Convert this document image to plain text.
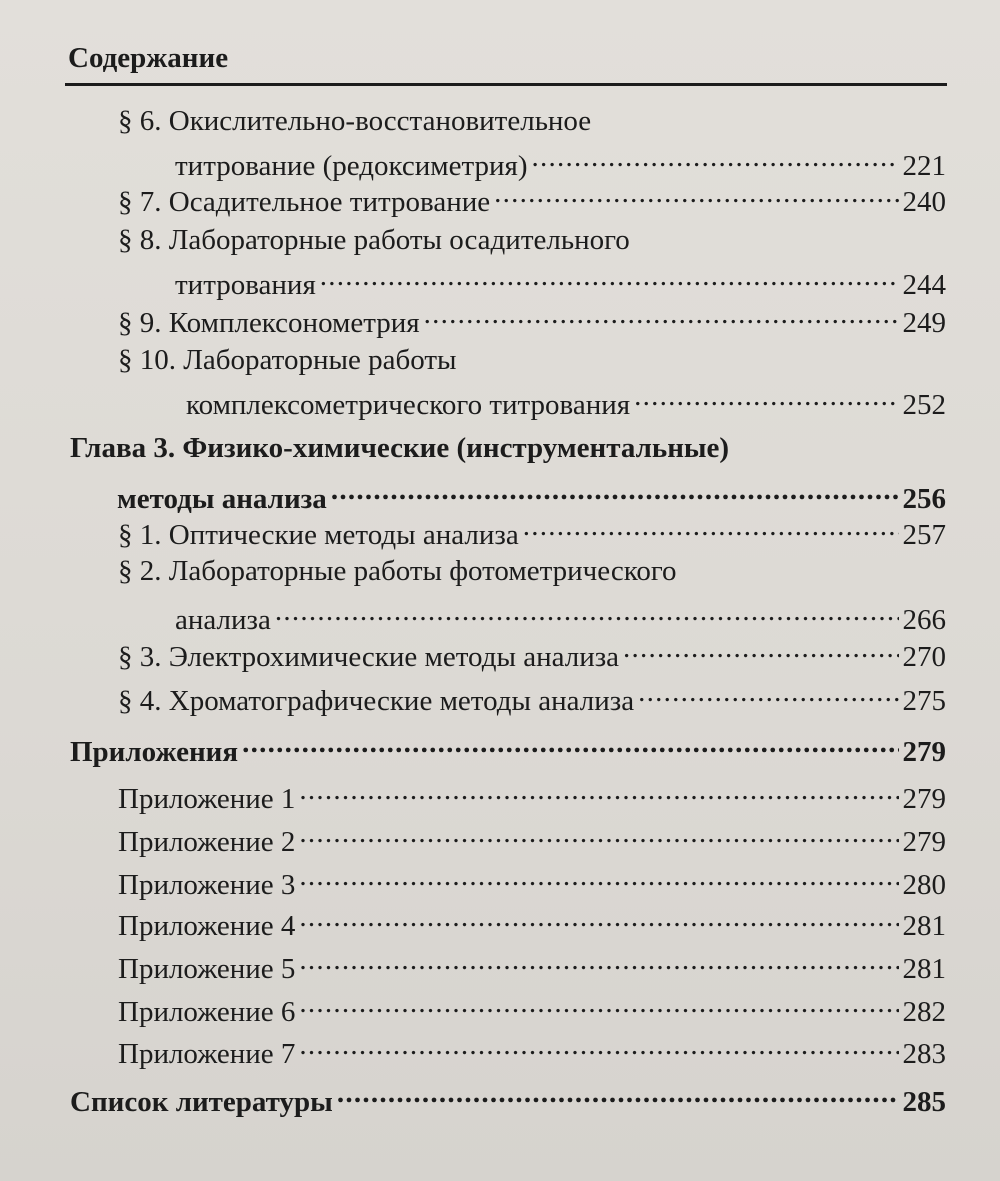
Содержание
§ 6. Окислительно-восстановительное
титрование (редоксиметрия) . . .	221
§ 7. Осадительное титрование . . .	240
§ 8. Лабораторные работы осадительного
титрования . . .	244
§ 9. Комплексонометрия . . .	249
§ 10. Лабораторные работы
комплексометрического титрования . . .	252
Глава 3. Физико-химические (инструментальные)
методы анализа . . .	256
§ 1. Оптические методы анализа . . .	257
§ 2. Лабораторные работы фотометрического
анализа . . .	266
§ 3. Электрохимические методы анализа . . .	270
§ 4. Хроматографические методы анализа . . .	275
Приложения . . .	279
Приложение 1 . . .	279
Приложение 2 . . .	279
Приложение 3 . . .	280
Приложение 4 . . .	281
Приложение 5 . . .	281
Приложение 6 . . .	282
Приложение 7 . . .	283
Список литературы . . .	285
